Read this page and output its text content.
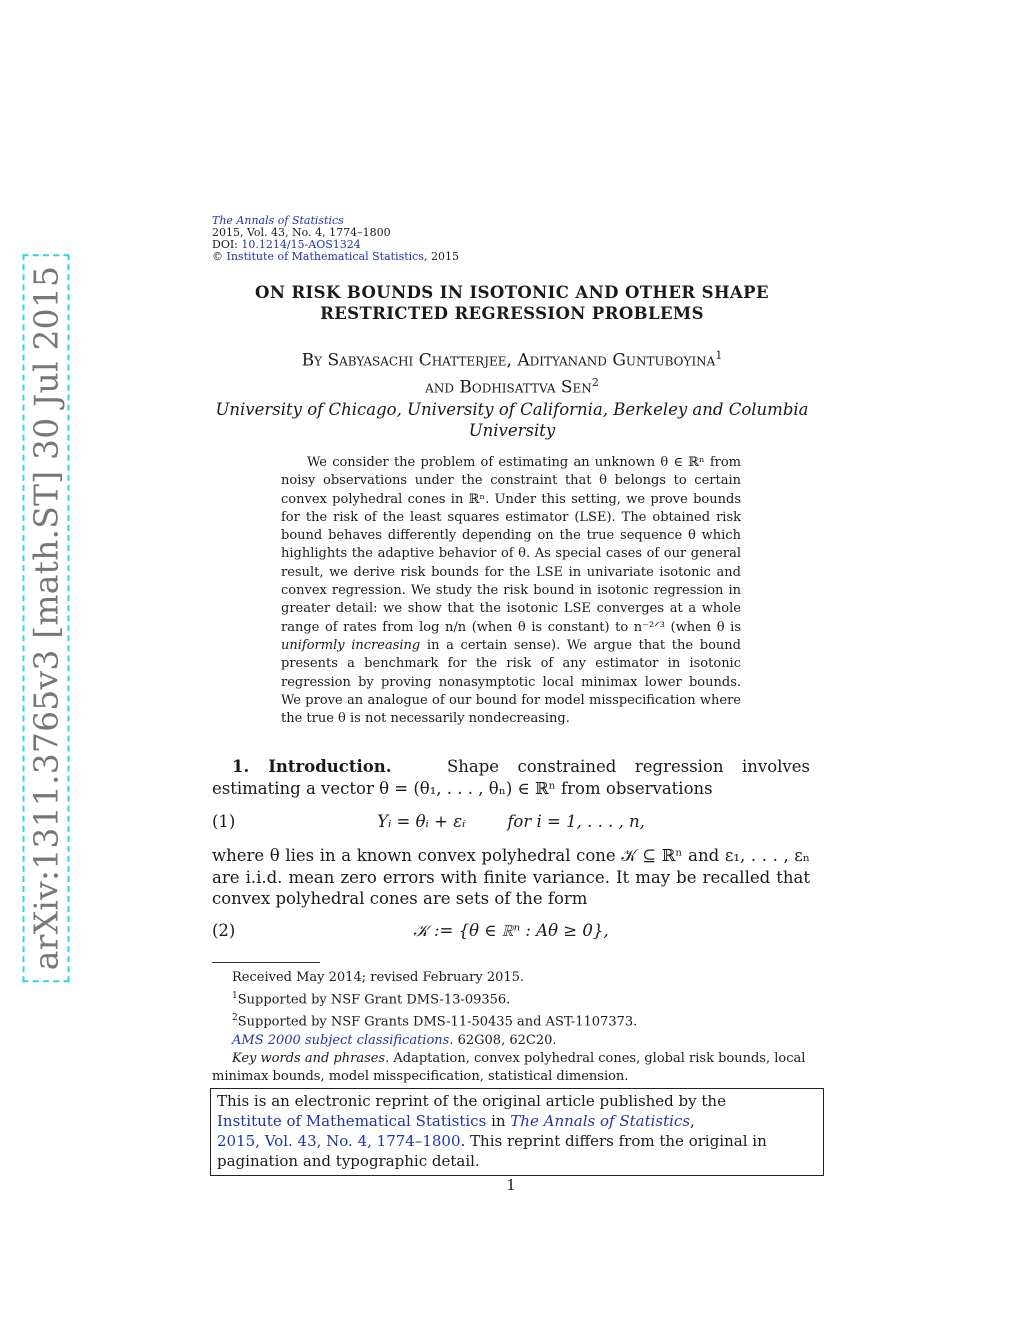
arXiv:1311.3765v3 [math.ST] 30 Jul 2015
The Annals of Statistics
2015, Vol. 43, No. 4, 1774–1800
DOI: 10.1214/15-AOS1324
© Institute of Mathematical Statistics, 2015
ON RISK BOUNDS IN ISOTONIC AND OTHER SHAPE
RESTRICTED REGRESSION PROBLEMS
By Sabyasachi Chatterjee, Adityanand Guntuboyina$^1$
and Bodhisattva Sen$^2$
University of Chicago, University of California, Berkeley and Columbia
University
We consider the problem of estimating an unknown θ ∈ ℝⁿ from noisy observations under the constraint that θ belongs to certain convex polyhedral cones in ℝⁿ. Under this setting, we prove bounds for the risk of the least squares estimator (LSE). The obtained risk bound behaves differently depending on the true sequence θ which highlights the adaptive behavior of θ. As special cases of our general result, we derive risk bounds for the LSE in univariate isotonic and convex regression. We study the risk bound in isotonic regression in greater detail: we show that the isotonic LSE converges at a whole range of rates from log n/n (when θ is constant) to n⁻²ᐟ³ (when θ is uniformly increasing in a certain sense). We argue that the bound presents a benchmark for the risk of any estimator in isotonic regression by proving nonasymptotic local minimax lower bounds. We prove an analogue of our bound for model misspecification where the true θ is not necessarily nondecreasing.
1. Introduction.	Shape constrained regression involves estimating a vector θ = (θ₁, . . . , θₙ) ∈ ℝⁿ from observations
(1)	Yᵢ = θᵢ + εᵢ        for i = 1, . . . , n,
where θ lies in a known convex polyhedral cone 𝒦 ⊆ ℝⁿ and ε₁, . . . , εₙ are i.i.d. mean zero errors with finite variance. It may be recalled that convex polyhedral cones are sets of the form
(2)	𝒦 := {θ ∈ ℝⁿ : Aθ ≥ 0},
Received May 2014; revised February 2015.
$^1$Supported by NSF Grant DMS-13-09356.
$^2$Supported by NSF Grants DMS-11-50435 and AST-1107373.
AMS 2000 subject classifications. 62G08, 62C20.
Key words and phrases. Adaptation, convex polyhedral cones, global risk bounds, local minimax bounds, model misspecification, statistical dimension.
This is an electronic reprint of the original article published by the
Institute of Mathematical Statistics in The Annals of Statistics,
2015, Vol. 43, No. 4, 1774–1800. This reprint differs from the original in
pagination and typographic detail.
1
